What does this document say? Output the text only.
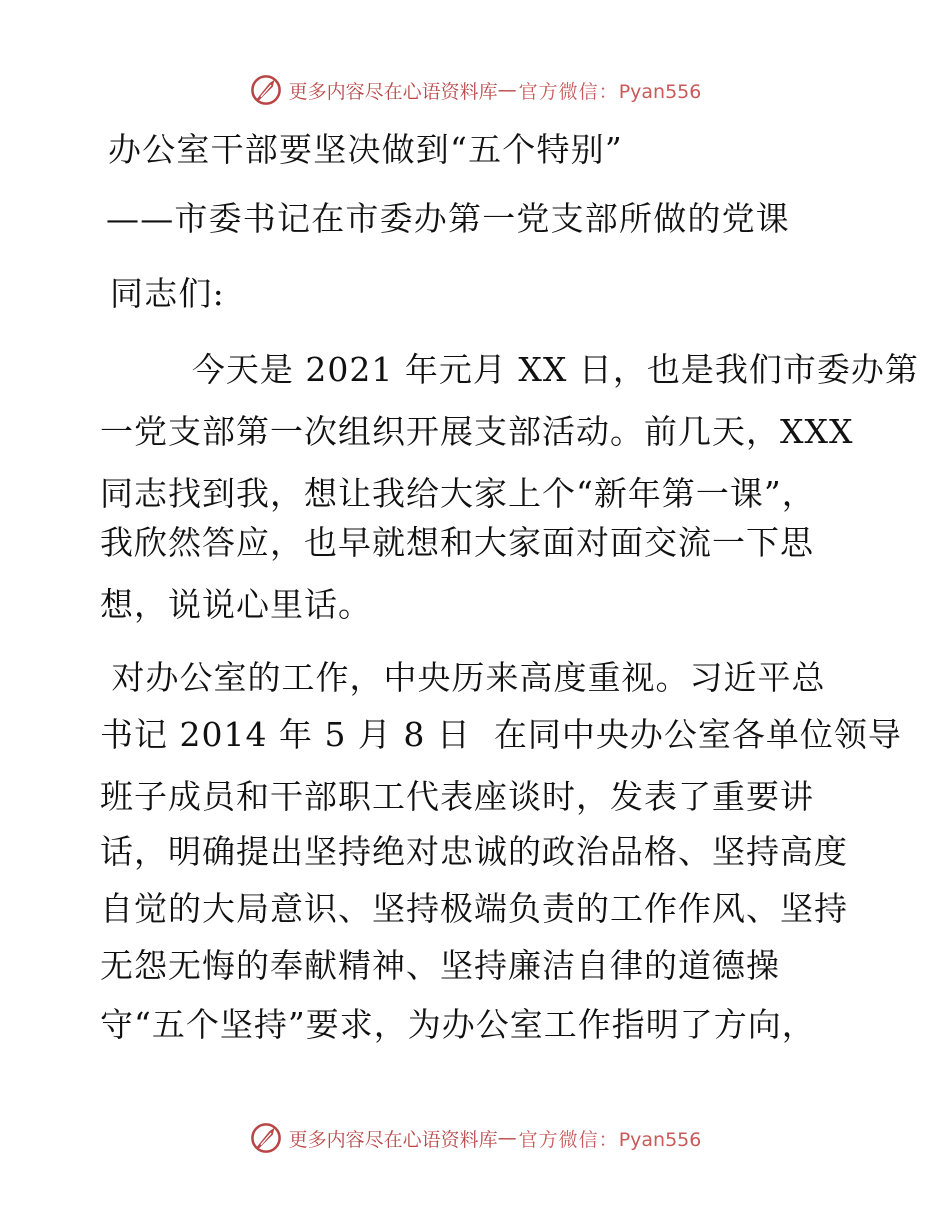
更多内容尽在心语资料库 — 官方微信：Pyan556
办公室干部要坚决做到“五个特别”
——市委书记在市委办第一党支部所做的党课
同志们:
今天是 2021 年元月 XX 日，也是我们市委办第
一党支部第一次组织开展支部活动。前几天，XXX
同志找到我，想让我给大家上个“新年第一课”，
我欣然答应，也早就想和大家面对面交流一下思
想，说说心里话。
对办公室的工作，中央历来高度重视。习近平总
书记 2014 年 5 月 8 日  在同中央办公室各单位领导
班子成员和干部职工代表座谈时，发表了重要讲
话，明确提出坚持绝对忠诚的政治品格、坚持高度
自觉的大局意识、坚持极端负责的工作作风、坚持
无怨无悔的奉献精神、坚持廉洁自律的道德操
守“五个坚持”要求，为办公室工作指明了方向，
更多内容尽在心语资料库 — 官方微信：Pyan556
